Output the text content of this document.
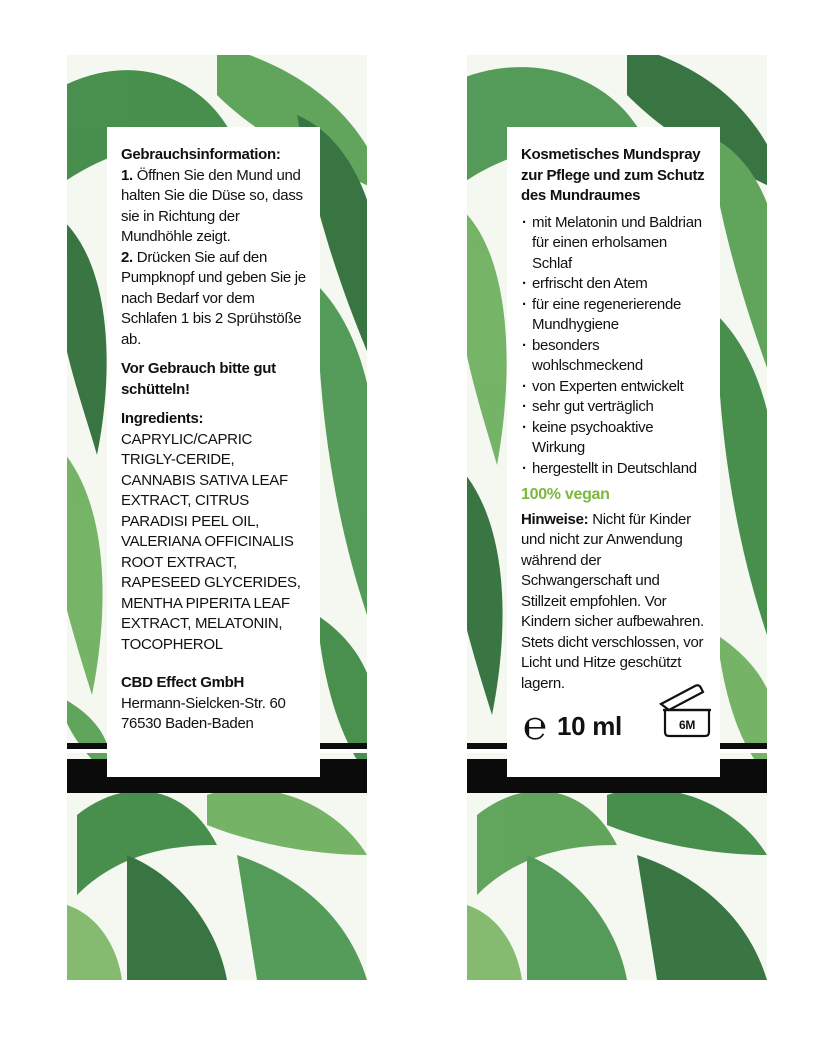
Gebrauchsinformation:

1. Öffnen Sie den Mund und halten Sie die Düse so, dass sie in Richtung der Mundhöhle zeigt.

2. Drücken Sie auf den Pumpknopf und geben Sie je nach Bedarf vor dem Schlafen 1 bis 2 Sprühstöße ab.

Vor Gebrauch bitte gut schütteln!

Ingredients:

CAPRYLIC/CAPRIC TRIGLY-CERIDE, CANNABIS SATIVA LEAF EXTRACT, CITRUS PARADISI PEEL OIL, VALERIANA OFFICINALIS ROOT EXTRACT, RAPESEED GLYCERIDES, MENTHA PIPERITA LEAF EXTRACT, MELATONIN, TOCOPHEROL

CBD Effect GmbH

Hermann-Sielcken-Str. 60

76530 Baden-Baden

Kosmetisches Mundspray zur Pflege und zum Schutz des Mundraumes

· mit Melatonin und Baldrian für einen erholsamen Schlaf
· erfrischt den Atem
· für eine regenerierende Mundhygiene
· besonders wohlschmeckend
· von Experten entwickelt
· sehr gut verträglich
· keine psychoaktive Wirkung
· hergestellt in Deutschland

100% vegan

Hinweise: Nicht für Kinder und nicht zur Anwendung während der Schwangerschaft und Stillzeit empfohlen. Vor Kindern sicher aufbewahren. Stets dicht verschlossen, vor Licht und Hitze geschützt lagern.

℮ 10 ml	6M
